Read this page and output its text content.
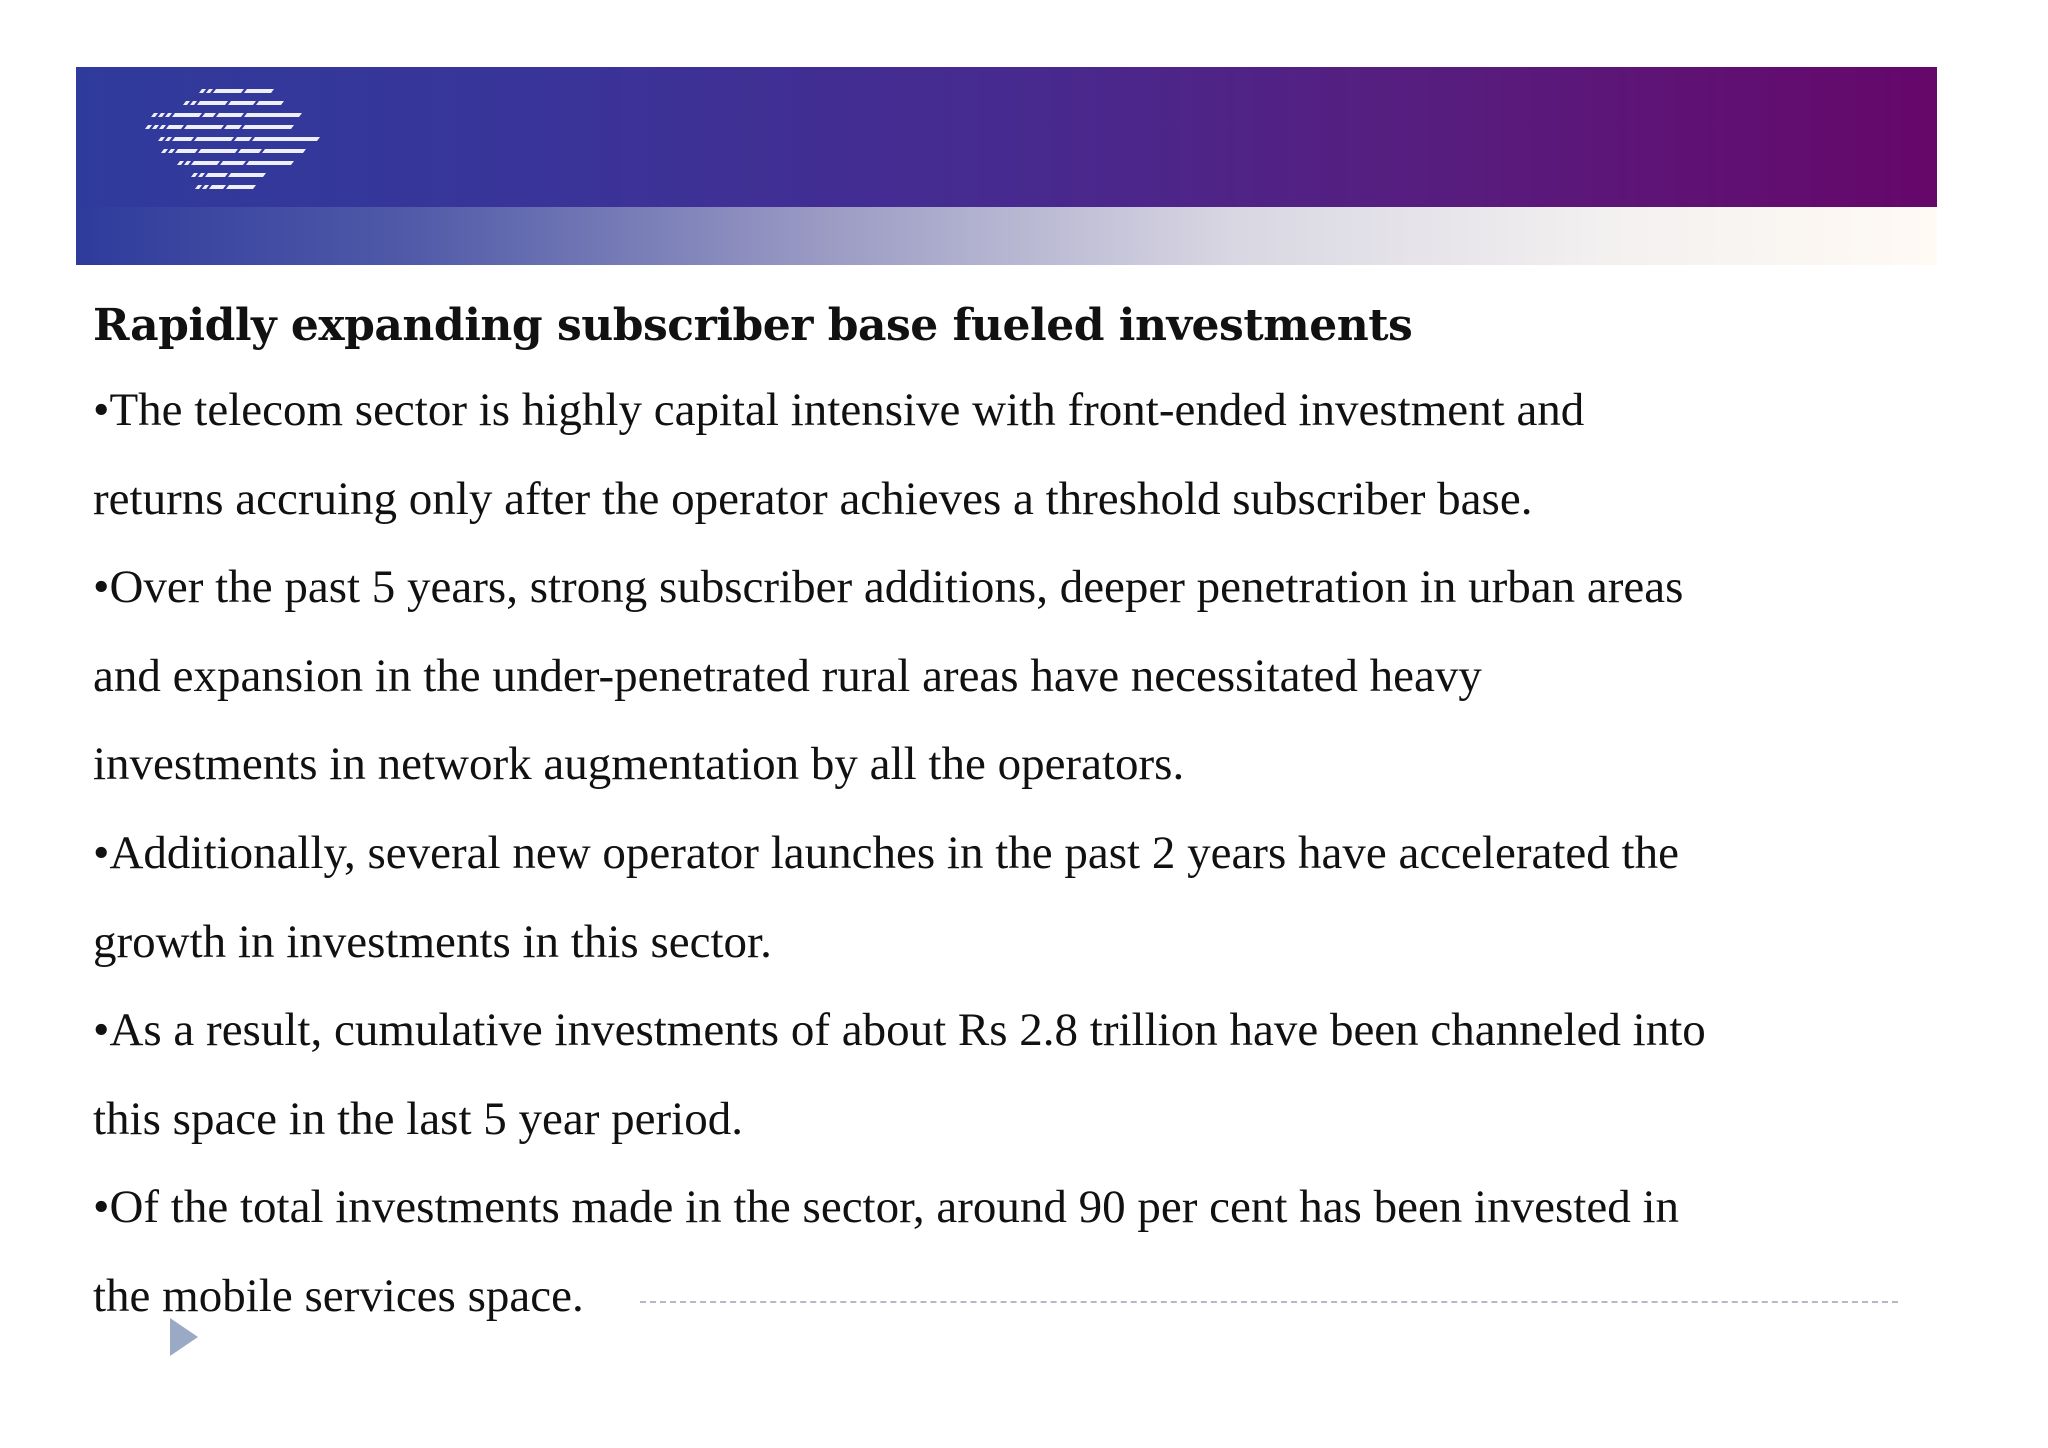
Rapidly expanding subscriber base fueled investments
•The telecom sector is highly capital intensive with front-ended investment and
returns accruing only after the operator achieves a threshold subscriber base.
•Over the past 5 years, strong subscriber additions, deeper penetration in urban areas
and expansion in the under-penetrated rural areas have necessitated heavy
investments in network augmentation by all the operators.
•Additionally, several new operator launches in the past 2 years have accelerated the
growth in investments in this sector.
•As a result, cumulative investments of about Rs 2.8 trillion have been channeled into
this space in the last 5 year period.
•Of the total investments made in the sector, around 90 per cent has been invested in
the mobile services space.
